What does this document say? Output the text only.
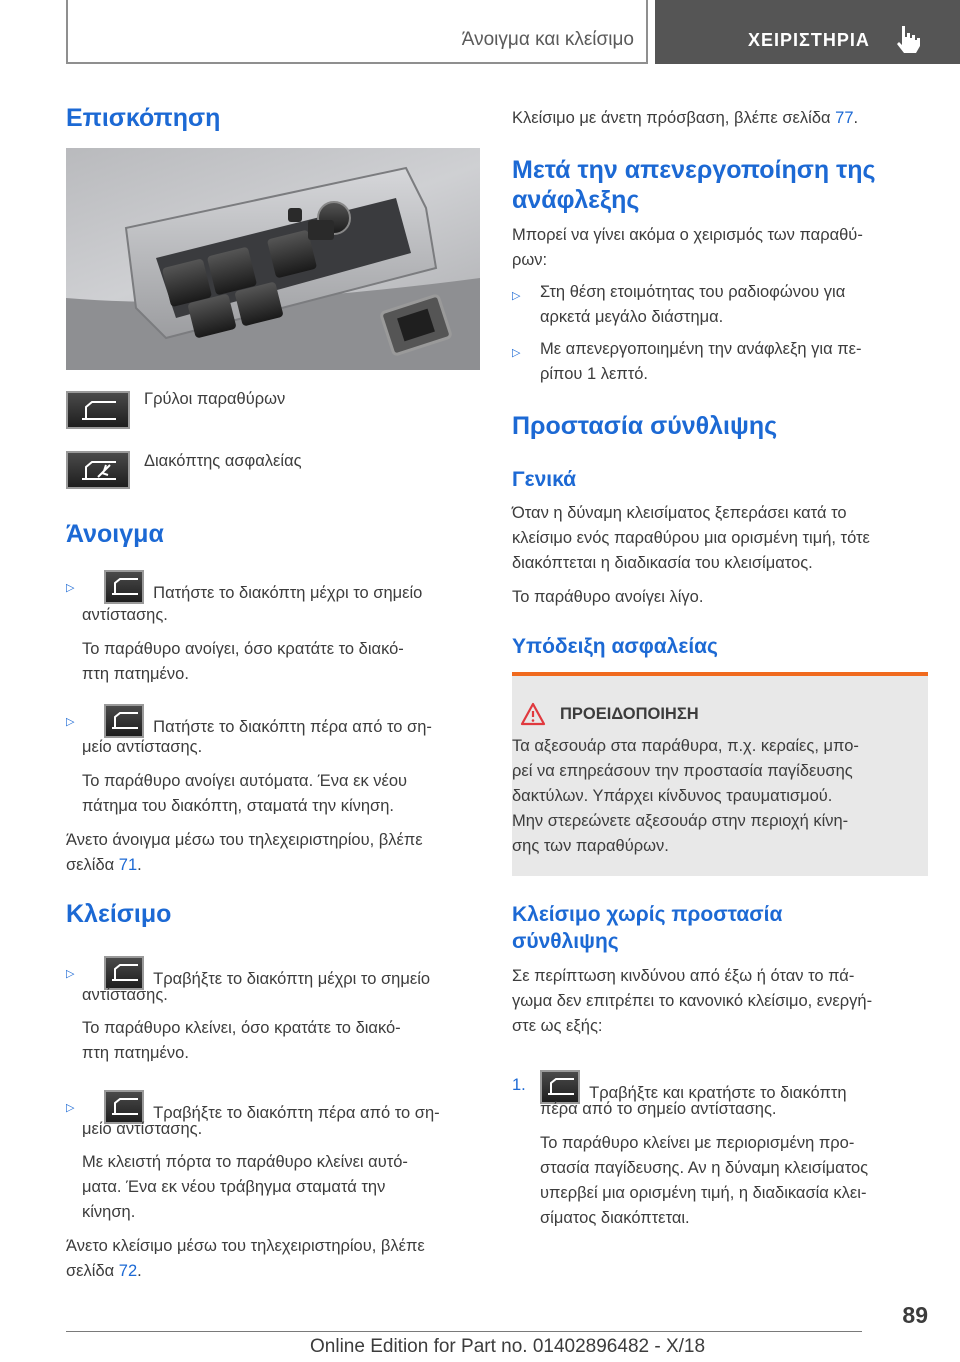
Άνοιγμα και κλείσιμο	ΧΕΙΡΙΣΤΗΡΙΑ
Επισκόπηση
Γρύλοι παραθύρων
Διακόπτης ασφαλείας
Άνοιγμα
▷	Πατήστε το διακόπτη μέχρι το σημείο
αντίστασης.
Το παράθυρο ανοίγει, όσο κρατάτε το διακό-
πτη πατημένο.
▷	Πατήστε το διακόπτη πέρα από το ση-
μείο αντίστασης.
Το παράθυρο ανοίγει αυτόματα. Ένα εκ νέου
πάτημα του διακόπτη, σταματά την κίνηση.
Άνετο άνοιγμα μέσω του τηλεχειριστηρίου, βλέπε
σελίδα 71.
Κλείσιμο
▷	Τραβήξτε το διακόπτη μέχρι το σημείο
αντίστασης.
Το παράθυρο κλείνει, όσο κρατάτε το διακό-
πτη πατημένο.
▷	Τραβήξτε το διακόπτη πέρα από το ση-
μείο αντίστασης.
Με κλειστή πόρτα το παράθυρο κλείνει αυτό-
ματα. Ένα εκ νέου τράβηγμα σταματά την
κίνηση.
Άνετο κλείσιμο μέσω του τηλεχειριστηρίου, βλέπε
σελίδα 72.
Κλείσιμο με άνετη πρόσβαση, βλέπε σελίδα 77.
Μετά την απενεργοποίηση της
ανάφλεξης
Μπορεί να γίνει ακόμα ο χειρισμός των παραθύ-
ρων:
▷ Στη θέση ετοιμότητας του ραδιοφώνου για
αρκετά μεγάλο διάστημα.
▷ Με απενεργοποιημένη την ανάφλεξη για πε-
ρίπου 1 λεπτό.
Προστασία σύνθλιψης
Γενικά
Όταν η δύναμη κλεισίματος ξεπεράσει κατά το
κλείσιμο ενός παραθύρου μια ορισμένη τιμή, τότε
διακόπτεται η διαδικασία του κλεισίματος.
Το παράθυρο ανοίγει λίγο.
Υπόδειξη ασφαλείας
ΠΡΟΕΙΔΟΠΟΙΗΣΗ
Τα αξεσουάρ στα παράθυρα, π.χ. κεραίες, μπο-
ρεί να επηρεάσουν την προστασία παγίδευσης
δακτύλων. Υπάρχει κίνδυνος τραυματισμού.
Μην στερεώνετε αξεσουάρ στην περιοχή κίνη-
σης των παραθύρων.
Κλείσιμο χωρίς προστασία
σύνθλιψης
Σε περίπτωση κινδύνου από έξω ή όταν το πά-
γωμα δεν επιτρέπει το κανονικό κλείσιμο, ενεργή-
στε ως εξής:
1.	Τραβήξτε και κρατήστε το διακόπτη
πέρα από το σημείο αντίστασης.
Το παράθυρο κλείνει με περιορισμένη προ-
στασία παγίδευσης. Αν η δύναμη κλεισίματος
υπερβεί μια ορισμένη τιμή, η διαδικασία κλει-
σίματος διακόπτεται.
89
Online Edition for Part no. 01402896482 - X/18
